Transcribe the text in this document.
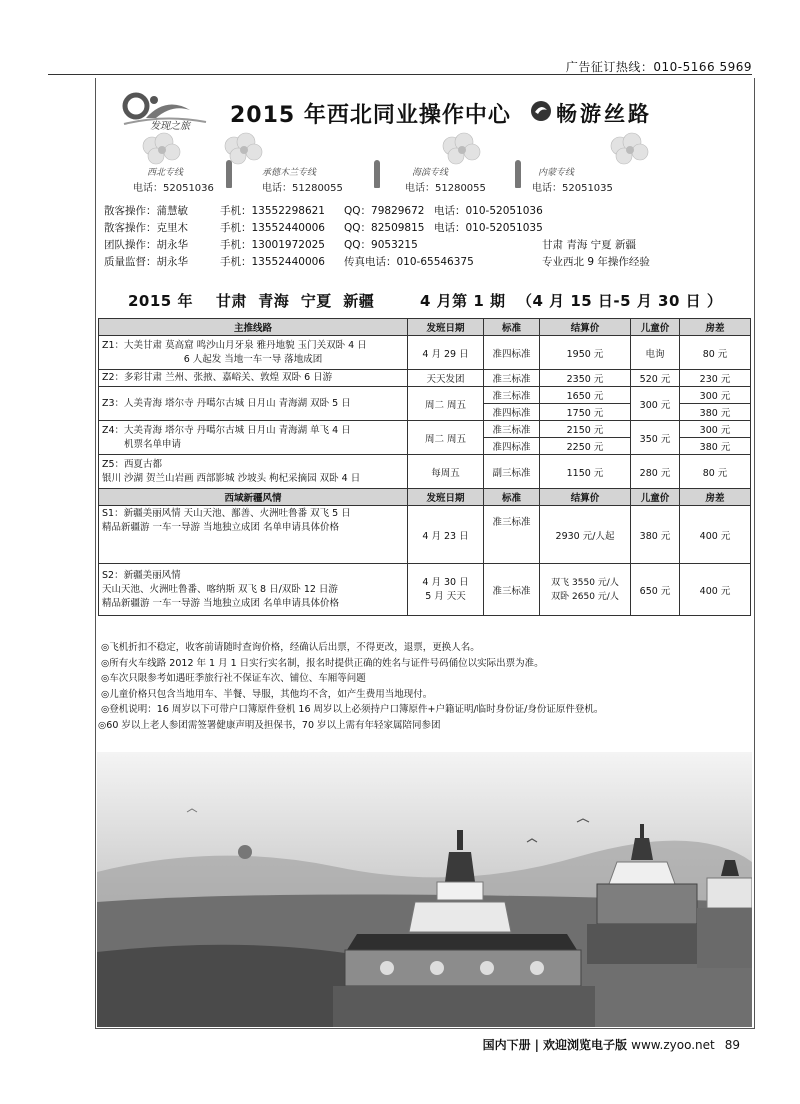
广告征订热线：010-5166 5969
发现之旅 2015 年西北同业操作中心 畅游丝路
西北专线
电话：52051036
承德木兰专线
电话：51280055
海滨专线
电话：51280055
内蒙专线
电话：52051035
散客操作：蒲慧敏	手机：13552298621 QQ：79829672 电话：010-52051036
散客操作：克里木	手机：13552440006 QQ：82509815 电话：010-52051035
团队操作：胡永华	手机：13001972025 QQ：9053215	甘肃 青海 宁夏 新疆
质量监督：胡永华	手机：13552440006 传真电话：010-65546375	专业西北 9 年操作经验
2015 年    甘肃  青海  宁夏  新疆        4 月第 1 期  （4 月 15 日-5 月 30 日 ）
主推线路	发班日期	标准	结算价	儿童价	房差

Z1：大美甘肃 莫高窟 鸣沙山月牙泉 雅丹地貌 玉门关双卧 4 日
6 人起发 当地一车一导 落地成团	4 月 29 日	准四标准	1950 元	电询	80 元

Z2：多彩甘肃 兰州、张掖、嘉峪关、敦煌 双卧 6 日游	天天发团	准三标准	2350 元	520 元	230 元

Z3：人美青海 塔尔寺 丹噶尔古城 日月山 青海湖 双卧 5 日	周二 周五	准三标准	1650 元	300 元	300 元
		准四标准	1750 元		380 元

Z4：大美青海 塔尔寺 丹噶尔古城 日月山 青海湖 单飞 4 日
机票名单申请	周二 周五	准三标准	2150 元	350 元	300 元
		准四标准	2250 元		380 元

Z5：西夏古都
银川 沙湖 贺兰山岩画 西部影城 沙坡头 枸杞采摘园 双卧 4 日	每周五	副三标准	1150 元	280 元	80 元
西域新疆风情	发班日期	标准	结算价	儿童价	房差

S1：新疆美丽风情 天山天池、鄯善、火洲吐鲁番 双飞 5 日
精品新疆游 一车一导游 当地独立成团 名单申请具体价格	4 月 23 日	准三标准	2930 元/人起	380 元	400 元

S2：新疆美丽风情
天山天池、火洲吐鲁番、喀纳斯 双飞 8 日/双卧 12 日游
精品新疆游 一车一导游 当地独立成团 名单申请具体价格	4 月 30 日
5 月 天天	准三标准	双飞 3550 元/人
双卧 2650 元/人	650 元	400 元
◎飞机折扣不稳定，收客前请随时查询价格，经确认后出票，不得更改，退票，更换人名。
◎所有火车线路 2012 年 1 月 1 日实行实名制，报名时提供正确的姓名与证件号码俑位以实际出票为准。
◎车次只限参考如遇旺季旅行社不保证车次、铺位、车厢等问题
◎儿童价格只包含当地用车、半餐、导服，其他均不含，如产生费用当地现付。
◎登机说明：16 周岁以下可带户口簿原件登机 16 周岁以上必须持户口簿原件+户籍证明/临时身份证/身份证原件登机。
◎60 岁以上老人参团需签署健康声明及担保书，70 岁以上需有年轻家属陪同参团
国内下册 | 欢迎浏览电子版 www.zyoo.net 89
